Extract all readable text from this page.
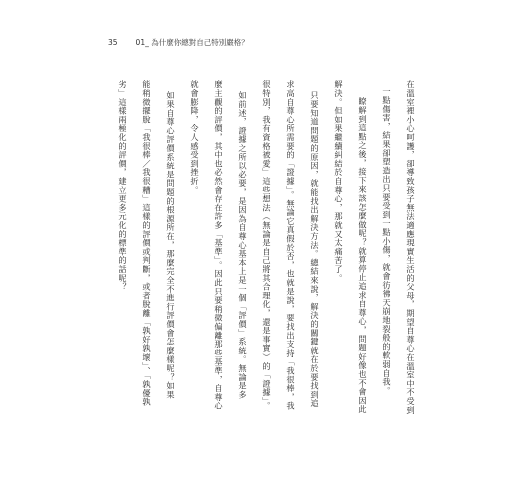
35 01_ 為什麼你總對自己特別嚴格？
在溫室裡小心呵護，卻導致孩子無法適應現實生活的父母，期望自尊心在溫室中不受到
一點傷害，結果卻塑造出只要受到一點小傷，就會彷彿天崩地裂般的軟弱自我。
瞭解到這點之後，接下來該怎麼做呢？就算停止追求自尊心，問題好像也不會因此
解決。但如果繼續糾結於自尊心，那就又太痛苦了。
只要知道問題的原因，就能找出解決方法。總結來說，解決的關鍵就在於要找到追
求高自尊心所需要的「證據」。無論它真假於否，也就是說，要找出支持「我很棒，我
很特別，我有資格被愛」這些想法（無論是自己將其合理化，還是事實）的「證據」。
如前述，證據之所以必要，是因為自尊心基本上是一個「評價」系統。無論是多
麼主觀的評價，其中也必然會存在許多「基準」。因此只要稍微偏離那些基準，自尊心
就會膨降，令人感受到挫折。
如果自尊心評價系統是問題的根源所在，那麼完全不進行評價會怎麼樣呢？如果
能稍微擺脫「我很棒／我很糟」這樣的評價或判斷，或者脫離「孰好孰壞」、「孰優孰
劣」這樣兩極化的評價，建立更多元化的標準的話呢？
